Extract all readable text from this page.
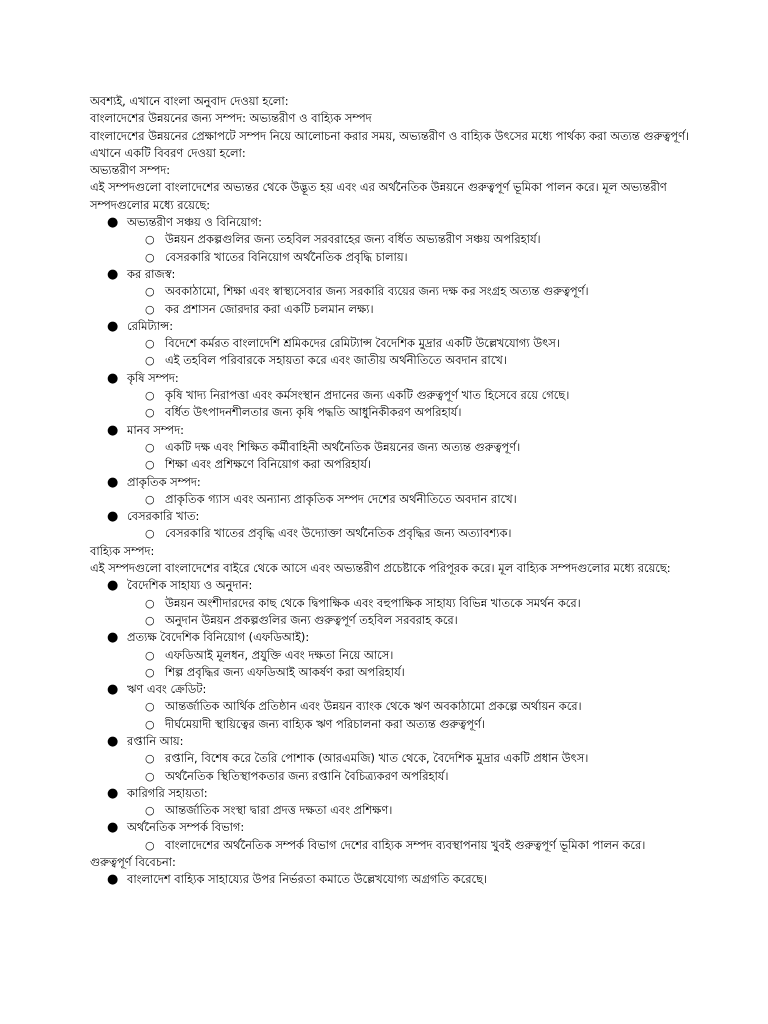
অবশ্যই, এখানে বাংলা অনুবাদ দেওয়া হলো:

বাংলাদেশের উন্নয়নের জন্য সম্পদ: অভ্যন্তরীণ ও বাহ্যিক সম্পদ

বাংলাদেশের উন্নয়নের প্রেক্ষাপটে সম্পদ নিয়ে আলোচনা করার সময়, অভ্যন্তরীণ ও বাহ্যিক উৎসের মধ্যে পার্থক্য করা অত্যন্ত গুরুত্বপূর্ণ। এখানে একটি বিবরণ দেওয়া হলো:

অভ্যন্তরীণ সম্পদ:

এই সম্পদগুলো বাংলাদেশের অভ্যন্তর থেকে উদ্ভূত হয় এবং এর অর্থনৈতিক উন্নয়নে গুরুত্বপূর্ণ ভূমিকা পালন করে। মূল অভ্যন্তরীণ সম্পদগুলোর মধ্যে রয়েছে:

● অভ্যন্তরীণ সঞ্চয় ও বিনিয়োগ:
○ উন্নয়ন প্রকল্পগুলির জন্য তহবিল সরবরাহের জন্য বর্ধিত অভ্যন্তরীণ সঞ্চয় অপরিহার্য।
○ বেসরকারি খাতের বিনিয়োগ অর্থনৈতিক প্রবৃদ্ধি চালায়।
● কর রাজস্ব:
○ অবকাঠামো, শিক্ষা এবং স্বাস্থ্যসেবার জন্য সরকারি ব্যয়ের জন্য দক্ষ কর সংগ্রহ অত্যন্ত গুরুত্বপূর্ণ।
○ কর প্রশাসন জোরদার করা একটি চলমান লক্ষ্য।
● রেমিট্যান্স:
○ বিদেশে কর্মরত বাংলাদেশি শ্রমিকদের রেমিট্যান্স বৈদেশিক মুদ্রার একটি উল্লেখযোগ্য উৎস।
○ এই তহবিল পরিবারকে সহায়তা করে এবং জাতীয় অর্থনীতিতে অবদান রাখে।
● কৃষি সম্পদ:
○ কৃষি খাদ্য নিরাপত্তা এবং কর্মসংস্থান প্রদানের জন্য একটি গুরুত্বপূর্ণ খাত হিসেবে রয়ে গেছে।
○ বর্ধিত উৎপাদনশীলতার জন্য কৃষি পদ্ধতি আধুনিকীকরণ অপরিহার্য।
● মানব সম্পদ:
○ একটি দক্ষ এবং শিক্ষিত কর্মীবাহিনী অর্থনৈতিক উন্নয়নের জন্য অত্যন্ত গুরুত্বপূর্ণ।
○ শিক্ষা এবং প্রশিক্ষণে বিনিয়োগ করা অপরিহার্য।
● প্রাকৃতিক সম্পদ:
○ প্রাকৃতিক গ্যাস এবং অন্যান্য প্রাকৃতিক সম্পদ দেশের অর্থনীতিতে অবদান রাখে।
● বেসরকারি খাত:
○ বেসরকারি খাতের প্রবৃদ্ধি এবং উদ্যোক্তা অর্থনৈতিক প্রবৃদ্ধির জন্য অত্যাবশ্যক।

বাহ্যিক সম্পদ:

এই সম্পদগুলো বাংলাদেশের বাইরে থেকে আসে এবং অভ্যন্তরীণ প্রচেষ্টাকে পরিপূরক করে। মূল বাহ্যিক সম্পদগুলোর মধ্যে রয়েছে:

● বৈদেশিক সাহায্য ও অনুদান:
○ উন্নয়ন অংশীদারদের কাছ থেকে দ্বিপাক্ষিক এবং বহুপাক্ষিক সাহায্য বিভিন্ন খাতকে সমর্থন করে।
○ অনুদান উন্নয়ন প্রকল্পগুলির জন্য গুরুত্বপূর্ণ তহবিল সরবরাহ করে।
● প্রত্যক্ষ বৈদেশিক বিনিয়োগ (এফডিআই):
○ এফডিআই মূলধন, প্রযুক্তি এবং দক্ষতা নিয়ে আসে।
○ শিল্প প্রবৃদ্ধির জন্য এফডিআই আকর্ষণ করা অপরিহার্য।
● ঋণ এবং ক্রেডিট:
○ আন্তর্জাতিক আর্থিক প্রতিষ্ঠান এবং উন্নয়ন ব্যাংক থেকে ঋণ অবকাঠামো প্রকল্পে অর্থায়ন করে।
○ দীর্ঘমেয়াদী স্থায়িত্বের জন্য বাহ্যিক ঋণ পরিচালনা করা অত্যন্ত গুরুত্বপূর্ণ।
● রপ্তানি আয়:
○ রপ্তানি, বিশেষ করে তৈরি পোশাক (আরএমজি) খাত থেকে, বৈদেশিক মুদ্রার একটি প্রধান উৎস।
○ অর্থনৈতিক স্থিতিস্থাপকতার জন্য রপ্তানি বৈচিত্র্যকরণ অপরিহার্য।
● কারিগরি সহায়তা:
○ আন্তর্জাতিক সংস্থা দ্বারা প্রদত্ত দক্ষতা এবং প্রশিক্ষণ।
● অর্থনৈতিক সম্পর্ক বিভাগ:
○ বাংলাদেশের অর্থনৈতিক সম্পর্ক বিভাগ দেশের বাহ্যিক সম্পদ ব্যবস্থাপনায় খুবই গুরুত্বপূর্ণ ভূমিকা পালন করে।

গুরুত্বপূর্ণ বিবেচনা:

● বাংলাদেশ বাহ্যিক সাহায্যের উপর নির্ভরতা কমাতে উল্লেখযোগ্য অগ্রগতি করেছে।
